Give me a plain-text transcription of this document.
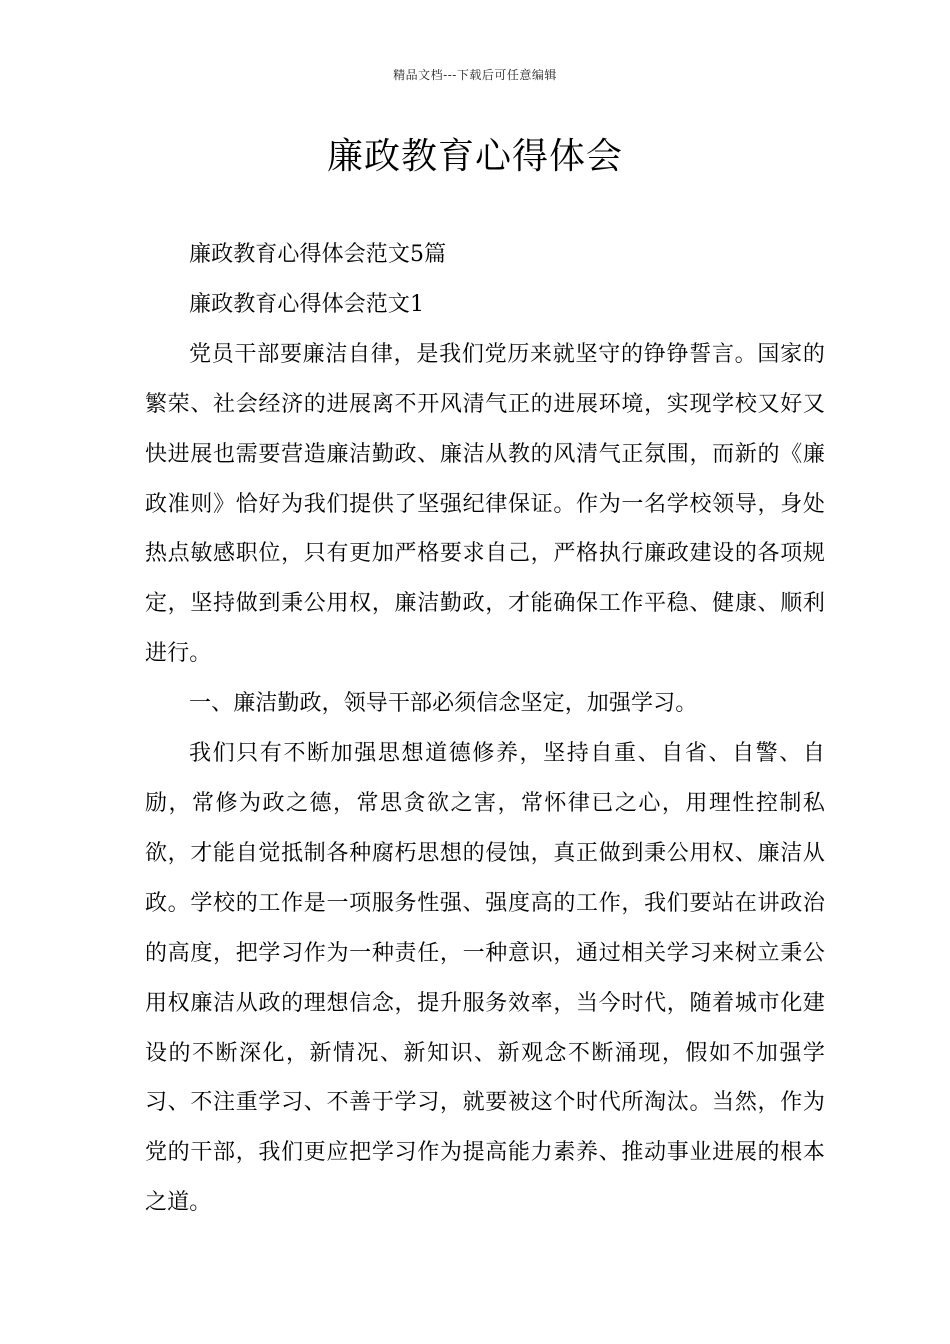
精品文档---下载后可任意编辑
廉政教育心得体会

廉政教育心得体会范文5篇

廉政教育心得体会范文1

党员干部要廉洁自律，是我们党历来就坚守的铮铮誓言。国家的繁荣、社会经济的进展离不开风清气正的进展环境，实现学校又好又快进展也需要营造廉洁勤政、廉洁从教的风清气正氛围，而新的《廉政准则》恰好为我们提供了坚强纪律保证。作为一名学校领导，身处热点敏感职位，只有更加严格要求自己，严格执行廉政建设的各项规定，坚持做到秉公用权，廉洁勤政，才能确保工作平稳、健康、顺利进行。

一、廉洁勤政，领导干部必须信念坚定，加强学习。

我们只有不断加强思想道德修养，坚持自重、自省、自警、自励，常修为政之德，常思贪欲之害，常怀律已之心，用理性控制私欲，才能自觉抵制各种腐朽思想的侵蚀，真正做到秉公用权、廉洁从政。学校的工作是一项服务性强、强度高的工作，我们要站在讲政治的高度，把学习作为一种责任，一种意识，通过相关学习来树立秉公用权廉洁从政的理想信念，提升服务效率，当今时代，随着城市化建设的不断深化，新情况、新知识、新观念不断涌现，假如不加强学习、不注重学习、不善于学习，就要被这个时代所淘汰。当然，作为党的干部，我们更应把学习作为提高能力素养、推动事业进展的根本之道。
